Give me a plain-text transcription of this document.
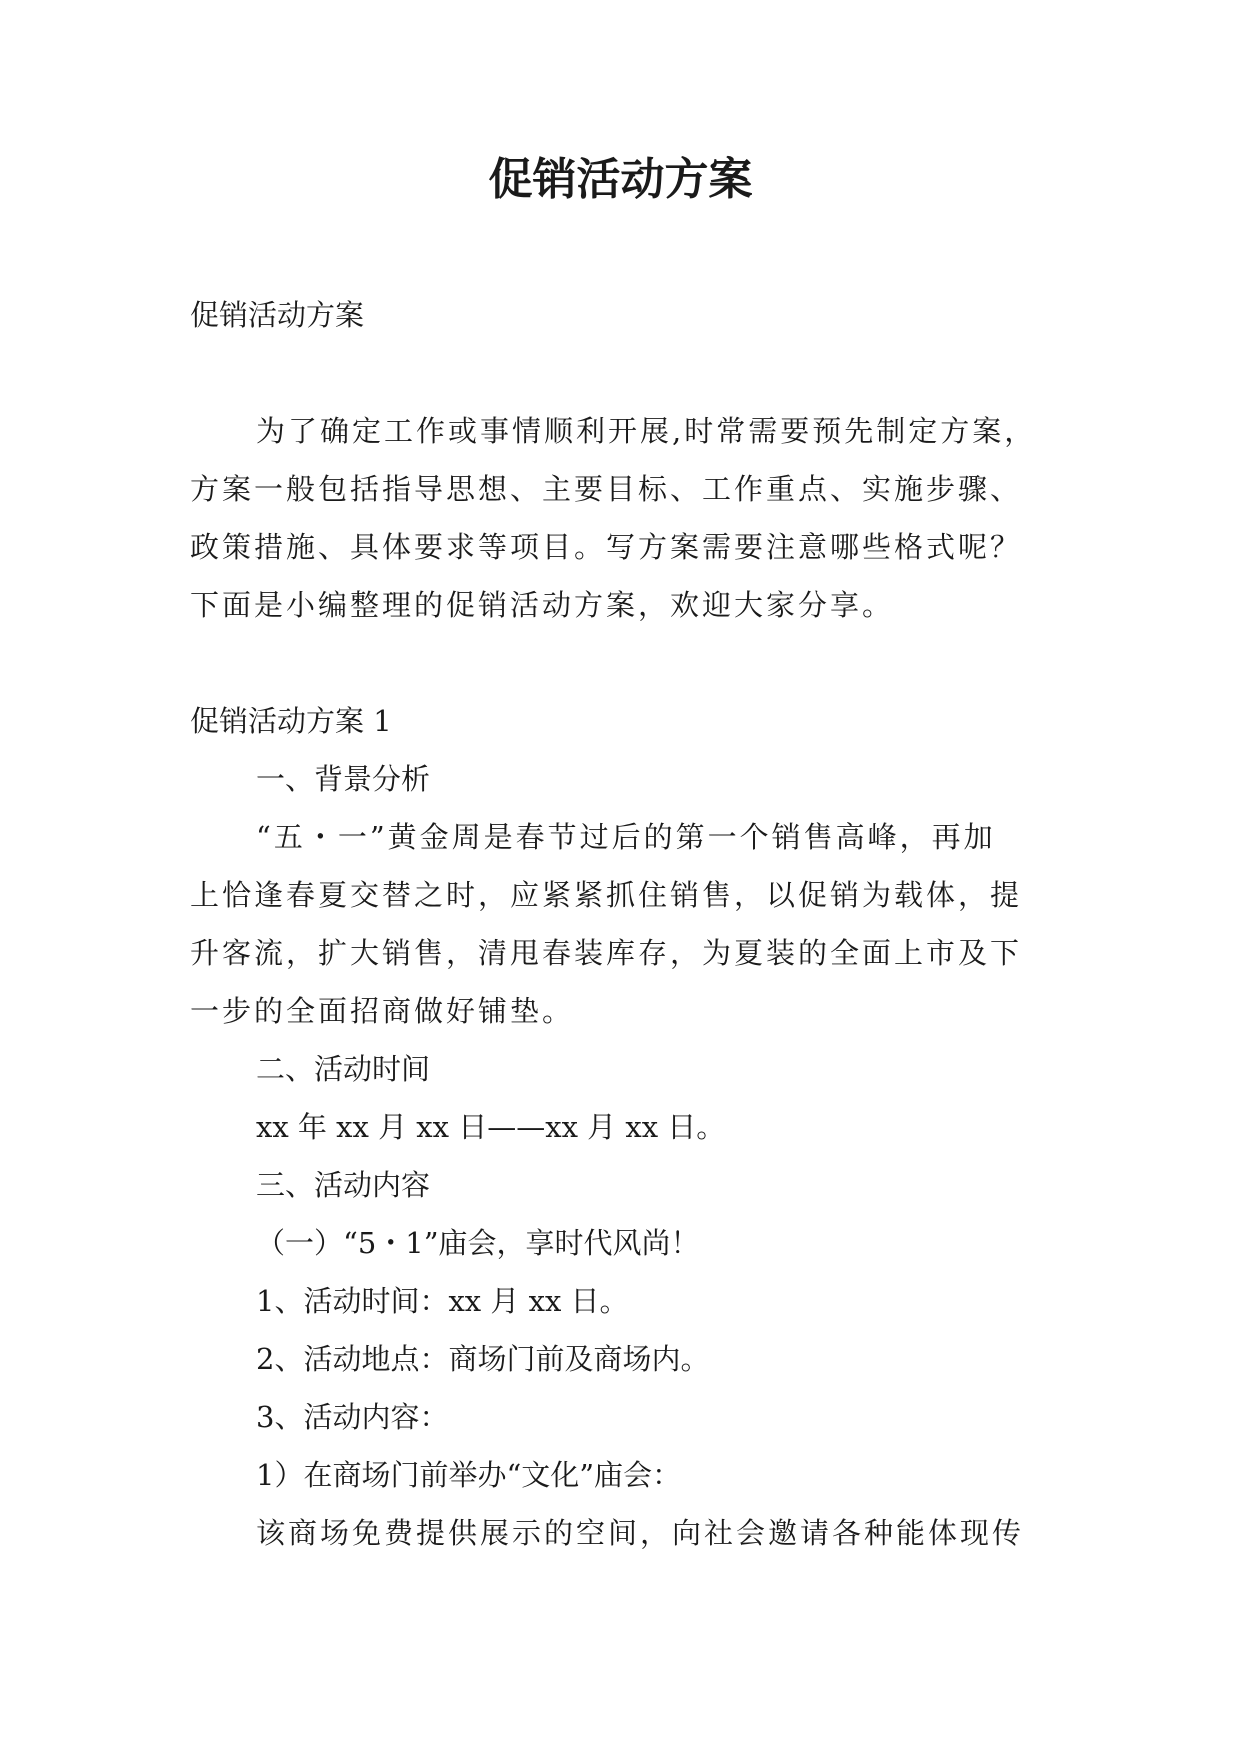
促销活动方案
促销活动方案
为了确定工作或事情顺利开展,时常需要预先制定方案，
方案一般包括指导思想、主要目标、工作重点、实施步骤、
政策措施、具体要求等项目。写方案需要注意哪些格式呢？
下面是小编整理的促销活动方案，欢迎大家分享。
促销活动方案 1
一、背景分析
“五・一”黄金周是春节过后的第一个销售高峰，再加
上恰逢春夏交替之时，应紧紧抓住销售，以促销为载体，提
升客流，扩大销售，清甩春装库存，为夏装的全面上市及下
一步的全面招商做好铺垫。
二、活动时间
xx 年 xx 月 xx 日——xx 月 xx 日。
三、活动内容
（一）“5・1”庙会，享时代风尚！
1、活动时间：xx 月 xx 日。
2、活动地点：商场门前及商场内。
3、活动内容：
1）在商场门前举办“文化”庙会：
该商场免费提供展示的空间，向社会邀请各种能体现传
